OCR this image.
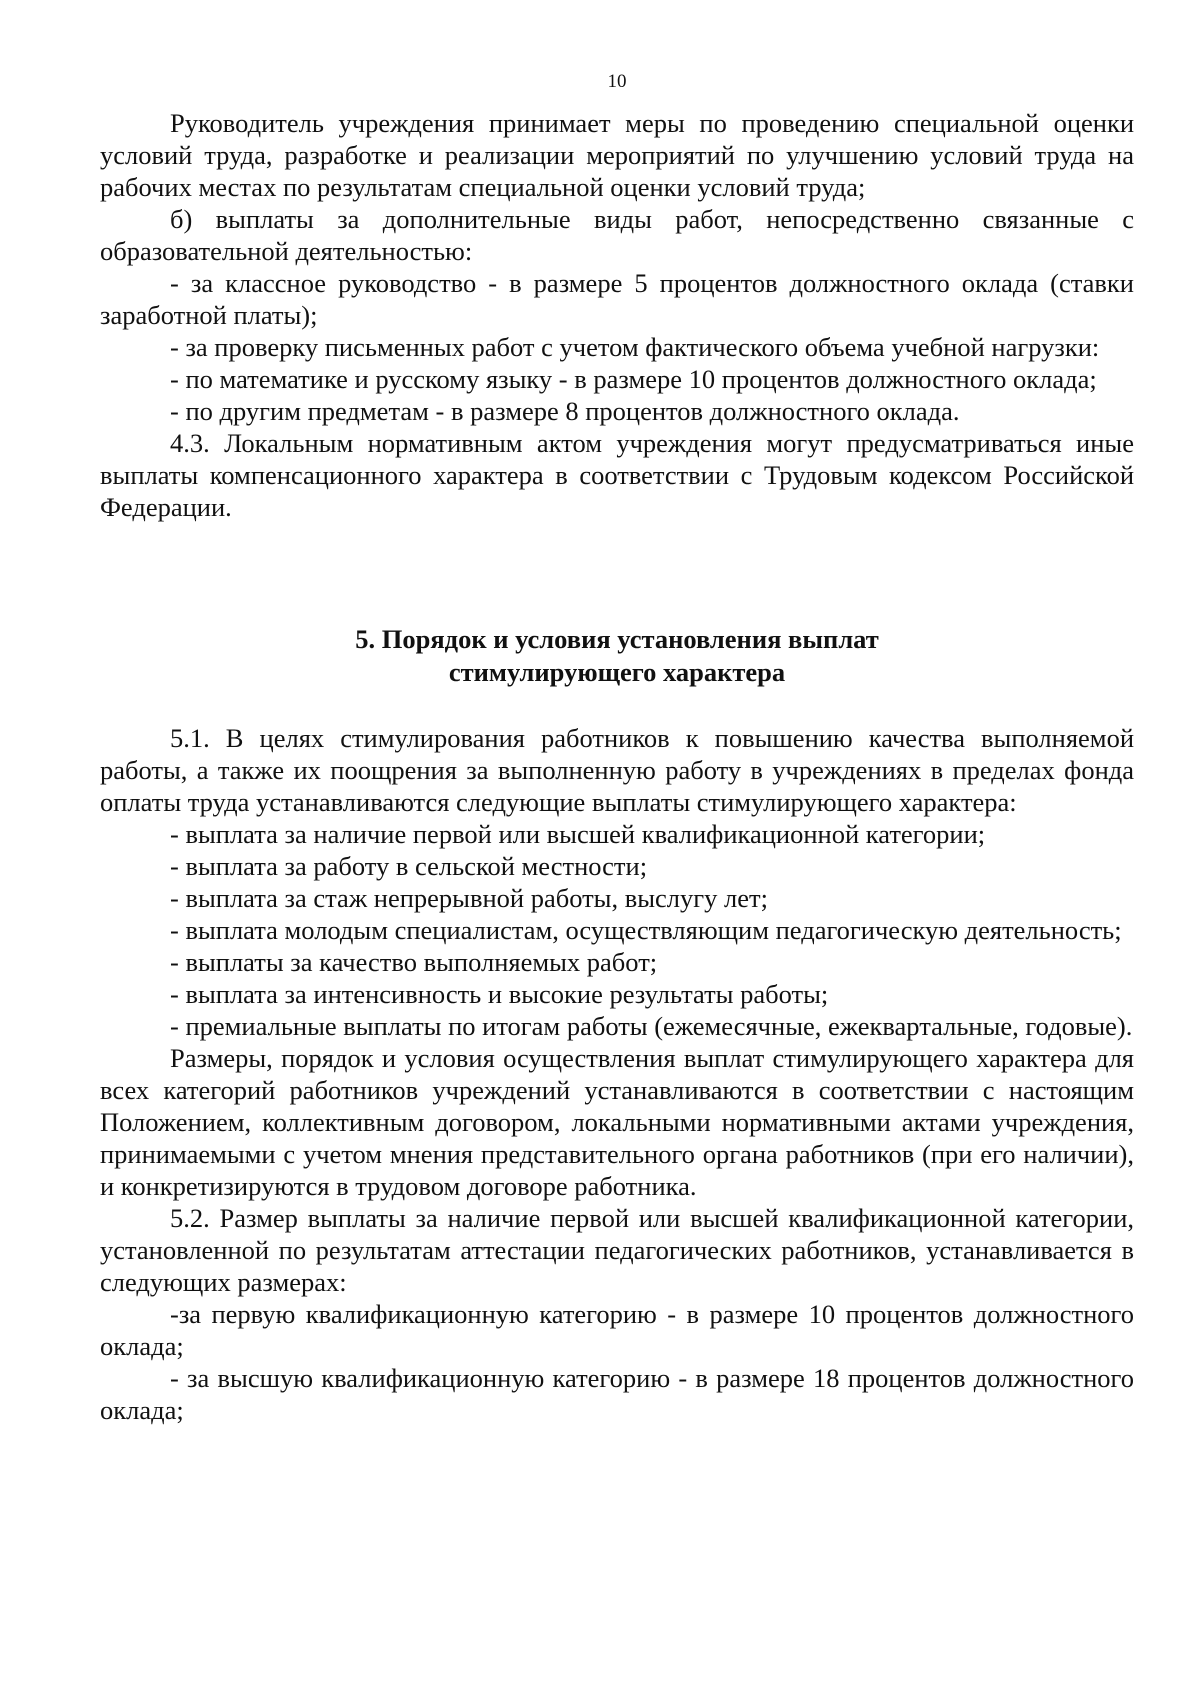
10

Руководитель учреждения принимает меры по проведению специальной оценки условий труда, разработке и реализации мероприятий по улучшению условий труда на рабочих местах по результатам специальной оценки условий труда;

б) выплаты за дополнительные виды работ, непосредственно связанные с образовательной деятельностью:

- за классное руководство - в размере 5 процентов должностного оклада (ставки заработной платы);

- за проверку письменных работ с учетом фактического объема учебной нагрузки:

- по математике и русскому языку - в размере 10 процентов должностного оклада;

- по другим предметам - в размере 8 процентов должностного оклада.

4.3. Локальным нормативным актом учреждения могут предусматриваться иные выплаты компенсационного характера в соответствии с Трудовым кодексом Российской Федерации.

5. Порядок и условия установления выплат
стимулирующего характера

5.1. В целях стимулирования работников к повышению качества выполняемой работы, а также их поощрения за выполненную работу в учреждениях в пределах фонда оплаты труда устанавливаются следующие выплаты стимулирующего характера:

- выплата за наличие первой или высшей квалификационной категории;

- выплата за работу в сельской местности;

- выплата за стаж непрерывной работы, выслугу лет;

- выплата молодым специалистам, осуществляющим педагогическую деятельность;

- выплаты за качество выполняемых работ;

- выплата за интенсивность и высокие результаты работы;

- премиальные выплаты по итогам работы (ежемесячные, ежеквартальные, годовые).

Размеры, порядок и условия осуществления выплат стимулирующего характера для всех категорий работников учреждений устанавливаются в соответствии с настоящим Положением, коллективным договором, локальными нормативными актами учреждения, принимаемыми с учетом мнения представительного органа работников (при его наличии), и конкретизируются в трудовом договоре работника.

5.2. Размер выплаты за наличие первой или высшей квалификационной категории, установленной по результатам аттестации педагогических работников, устанавливается в следующих размерах:

-за первую квалификационную категорию - в размере 10 процентов должностного оклада;

- за высшую квалификационную категорию - в размере 18 процентов должностного оклада;
